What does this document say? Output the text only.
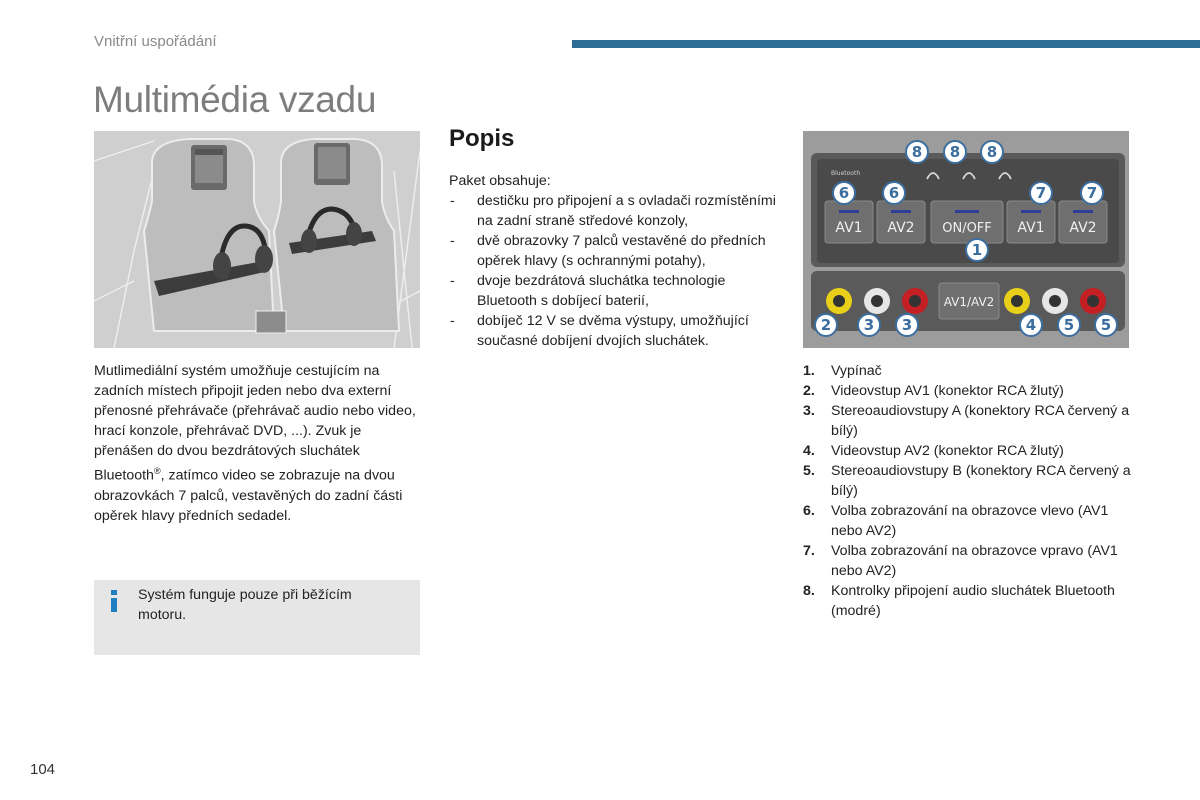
Vnitřní uspořádání
Multimédia vzadu
Mutlimediální systém umožňuje cestujícím na zadních místech připojit jeden nebo dva externí přenosné přehrávače (přehrávač audio nebo video, hrací konzole, přehrávač DVD, ...). Zvuk je přenášen do dvou bezdrátových sluchátek Bluetooth®, zatímco video se zobrazuje na dvou obrazovkách 7 palců, vestavěných do zadní části opěrek hlavy předních sedadel.
Systém funguje pouze při běžícím motoru.
Popis
Paket obsahuje:
- destičku pro připojení a s ovladači rozmístěními na zadní straně středové konzoly,
- dvě obrazovky 7 palců vestavěné do předních opěrek hlavy (s ochrannými potahy),
- dvoje bezdrátová sluchátka technologie Bluetooth s dobíjecí baterií,
- dobíječ 12 V se dvěma výstupy, umožňující současné dobíjení dvojích sluchátek.
Bluetooth
AV1 AV2 ON/OFF AV1 AV2
AV1/AV2
8 8 8
6	6	7	7
1
2 3 3	4 5 5
1. Vypínač
2. Videovstup AV1 (konektor RCA žlutý)
3. Stereoaudiovstupy A (konektory RCA červený a bílý)
4. Videovstup AV2 (konektor RCA žlutý)
5. Stereoaudiovstupy B (konektory RCA červený a bílý)
6. Volba zobrazování na obrazovce vlevo (AV1 nebo AV2)
7. Volba zobrazování na obrazovce vpravo (AV1 nebo AV2)
8. Kontrolky připojení audio sluchátek Bluetooth (modré)
104
